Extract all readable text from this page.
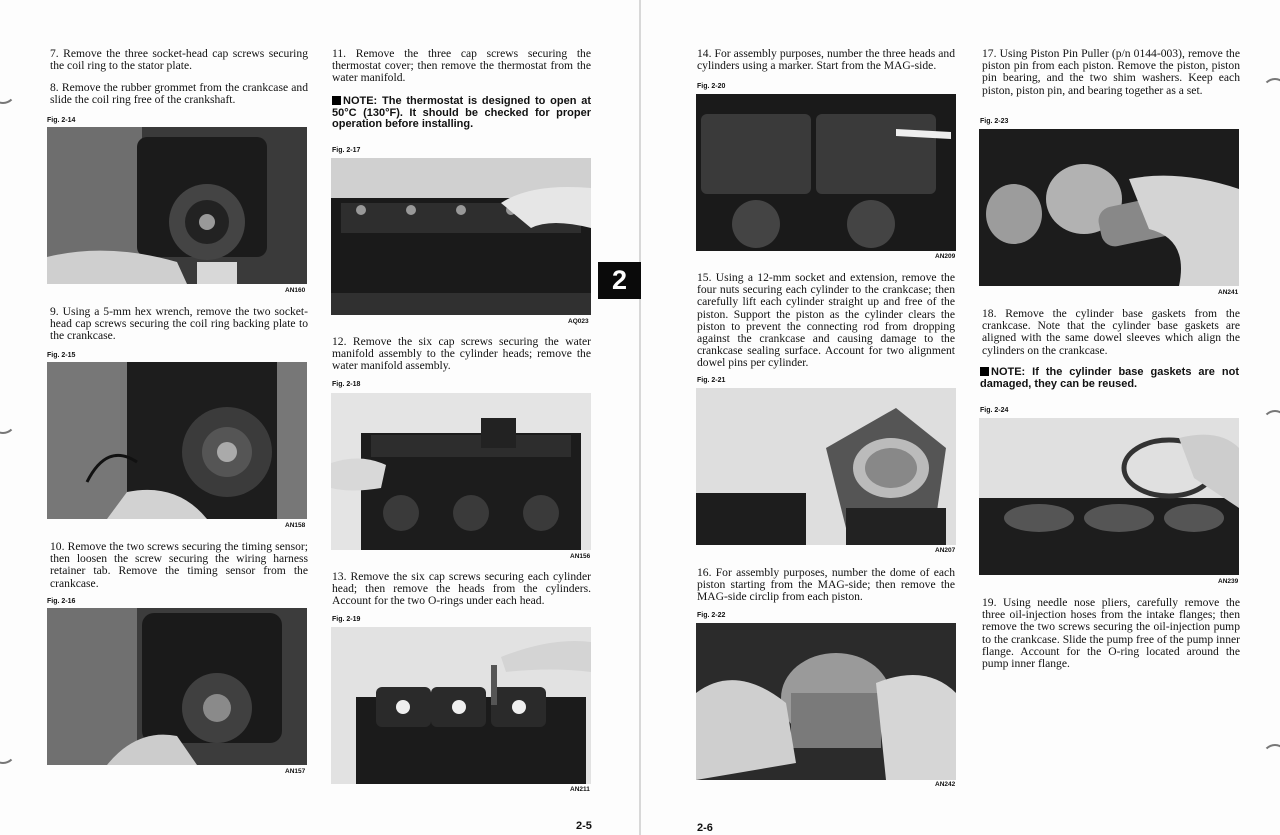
7. Remove the three socket-head cap screws securing the coil ring to the stator plate.
8. Remove the rubber grommet from the crankcase and slide the coil ring free of the crankshaft.
Fig. 2-14
AN160
9. Using a 5-mm hex wrench, remove the two socket-head cap screws securing the coil ring backing plate to the crankcase.
Fig. 2-15
AN158
10. Remove the two screws securing the timing sensor; then loosen the screw securing the wiring harness retainer tab. Remove the timing sensor from the crankcase.
Fig. 2-16
AN157
11. Remove the three cap screws securing the thermostat cover; then remove the thermostat from the water manifold.
NOTE: The thermostat is designed to open at 50°C (130°F). It should be checked for proper operation before installing.
Fig. 2-17
AQ023
12. Remove the six cap screws securing the water manifold assembly to the cylinder heads; remove the water manifold assembly.
Fig. 2-18
AN156
13. Remove the six cap screws securing each cylinder head; then remove the heads from the cylinders. Account for the two O-rings under each head.
Fig. 2-19
AN211
2-5
2
14. For assembly purposes, number the three heads and cylinders using a marker. Start from the MAG-side.
Fig. 2-20
AN209
15. Using a 12-mm socket and extension, remove the four nuts securing each cylinder to the crankcase; then carefully lift each cylinder straight up and free of the piston. Support the piston as the cylinder clears the piston to prevent the connecting rod from dropping against the crankcase and causing damage to the crankcase sealing surface. Account for two alignment dowel pins per cylinder.
Fig. 2-21
AN207
16. For assembly purposes, number the dome of each piston starting from the MAG-side; then remove the MAG-side circlip from each piston.
Fig. 2-22
AN242
2-6
17. Using Piston Pin Puller (p/n 0144-003), remove the piston pin from each piston. Remove the piston, piston pin bearing, and the two shim washers. Keep each piston, piston pin, and bearing together as a set.
Fig. 2-23
AN241
18. Remove the cylinder base gaskets from the crankcase. Note that the cylinder base gaskets are aligned with the same dowel sleeves which align the cylinders on the crankcase.
NOTE: If the cylinder base gaskets are not damaged, they can be reused.
Fig. 2-24
AN239
19. Using needle nose pliers, carefully remove the three oil-injection hoses from the intake flanges; then remove the two screws securing the oil-injection pump to the crankcase. Slide the pump free of the pump inner flange. Account for the O-ring located around the pump inner flange.
